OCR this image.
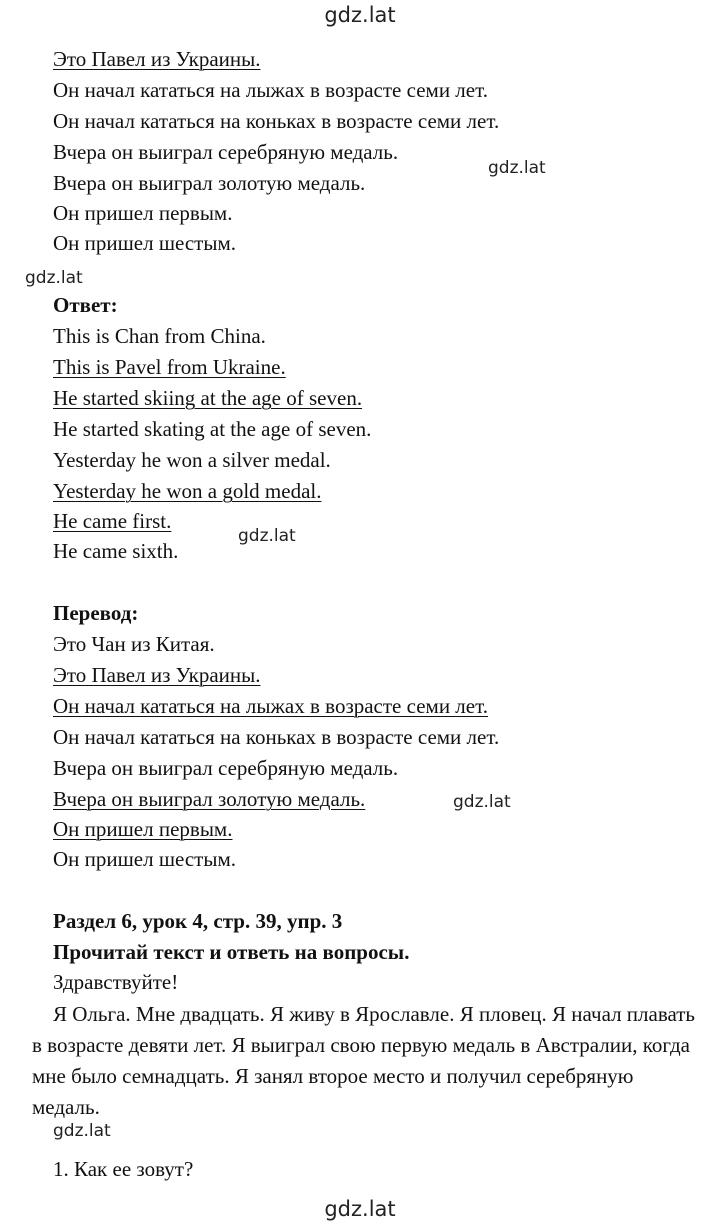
gdz.lat
Это Павел из Украины.
Он начал кататься на лыжах в возрасте семи лет.
Он начал кататься на коньках в возрасте семи лет.
Вчера он выиграл серебряную медаль.
Вчера он выиграл золотую медаль.
Он пришел первым.
Он пришел шестым.
gdz.lat
gdz.lat
Ответ:
This is Chan from China.
This is Pavel from Ukraine.
He started skiing at the age of seven.
He started skating at the age of seven.
Yesterday he won a silver medal.
Yesterday he won a gold medal.
He came first.
He came sixth.
gdz.lat
Перевод:
Это Чан из Китая.
Это Павел из Украины.
Он начал кататься на лыжах в возрасте семи лет.
Он начал кататься на коньках в возрасте семи лет.
Вчера он выиграл серебряную медаль.
Вчера он выиграл золотую медаль.
Он пришел первым.
Он пришел шестым.
gdz.lat
Раздел 6, урок 4, стр. 39, упр. 3
Прочитай текст и ответь на вопросы.
Здравствуйте!
Я Ольга. Мне двадцать. Я живу в Ярославле. Я пловец. Я начал плавать в возрасте девяти лет. Я выиграл свою первую медаль в Австралии, когда мне было семнадцать. Я занял второе место и получил серебряную медаль.
gdz.lat
1. Как ее зовут?
gdz.lat
